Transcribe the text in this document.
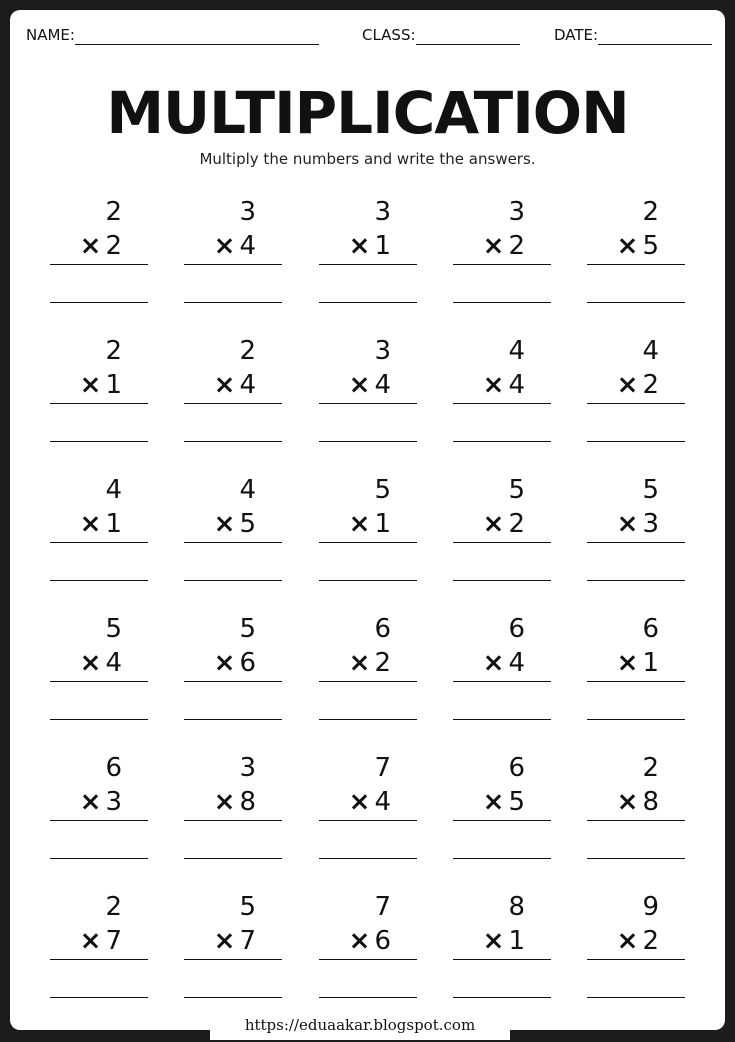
NAME:	CLASS:	DATE:
MULTIPLICATION
Multiply the numbers and write the answers.
2
× 2
3
× 4
3
× 1
3
× 2
2
× 5
2
× 1
2
× 4
3
× 4
4
× 4
4
× 2
4
× 1
4
× 5
5
× 1
5
× 2
5
× 3
5
× 4
5
× 6
6
× 2
6
× 4
6
× 1
6
× 3
3
× 8
7
× 4
6
× 5
2
× 8
2
× 7
5
× 7
7
× 6
8
× 1
9
× 2
https://eduaakar.blogspot.com
